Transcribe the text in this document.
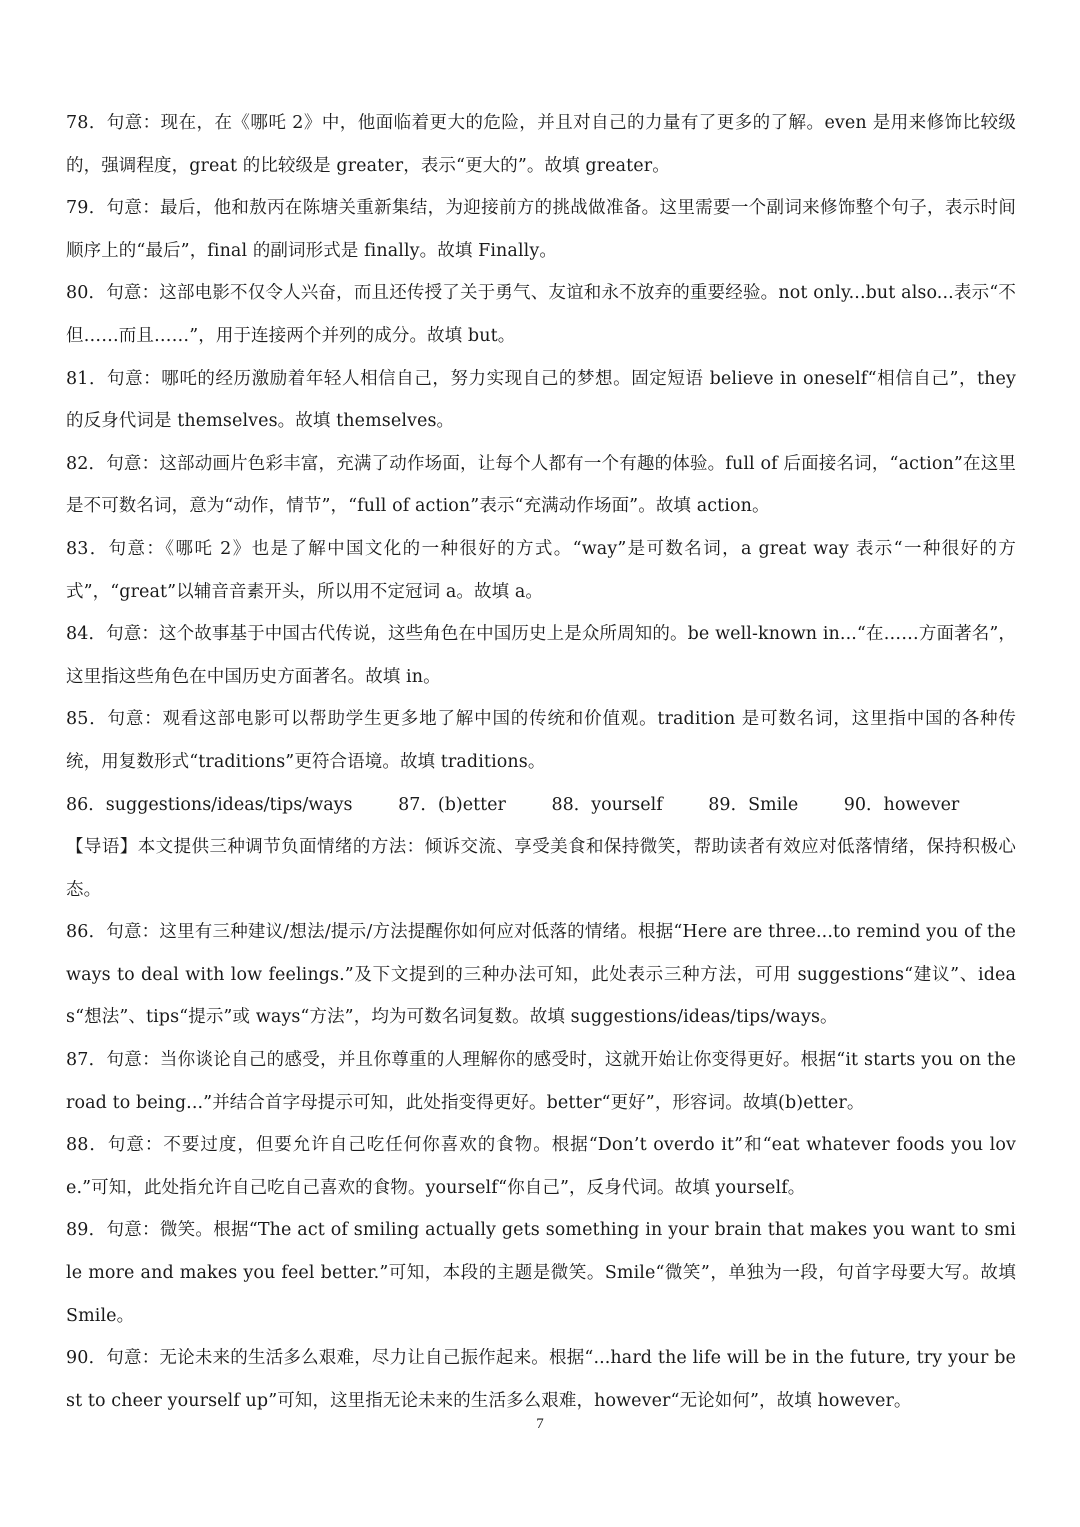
78．句意：现在，在《哪吒 2》中，他面临着更大的危险，并且对自己的力量有了更多的了解。even 是用来修饰比较级的，强调程度，great 的比较级是 greater，表示“更大的”。故填 greater。

79．句意：最后，他和敖丙在陈塘关重新集结，为迎接前方的挑战做准备。这里需要一个副词来修饰整个句子，表示时间顺序上的“最后”，final 的副词形式是 finally。故填 Finally。

80．句意：这部电影不仅令人兴奋，而且还传授了关于勇气、友谊和永不放弃的重要经验。not only...but also...表示“不但……而且……”，用于连接两个并列的成分。故填 but。

81．句意：哪吒的经历激励着年轻人相信自己，努力实现自己的梦想。固定短语 believe in oneself“相信自己”，they 的反身代词是 themselves。故填 themselves。

82．句意：这部动画片色彩丰富，充满了动作场面，让每个人都有一个有趣的体验。full of 后面接名词，“action”在这里是不可数名词，意为“动作，情节”，“full of action”表示“充满动作场面”。故填 action。

83．句意：《哪吒 2》也是了解中国文化的一种很好的方式。“way”是可数名词，a great way 表示“一种很好的方式”，“great”以辅音音素开头，所以用不定冠词 a。故填 a。

84．句意：这个故事基于中国古代传说，这些角色在中国历史上是众所周知的。be well-known in...“在……方面著名”，这里指这些角色在中国历史方面著名。故填 in。

85．句意：观看这部电影可以帮助学生更多地了解中国的传统和价值观。tradition 是可数名词，这里指中国的各种传统，用复数形式“traditions”更符合语境。故填 traditions。

86．suggestions/ideas/tips/ways	87．(b)etter	88．yourself	89．Smile	90．however

【导语】本文提供三种调节负面情绪的方法：倾诉交流、享受美食和保持微笑，帮助读者有效应对低落情绪，保持积极心态。

86．句意：这里有三种建议/想法/提示/方法提醒你如何应对低落的情绪。根据“Here are three...to remind you of the ways to deal with low feelings.”及下文提到的三种办法可知，此处表示三种方法，可用 suggestions“建议”、ideas“想法”、tips“提示”或 ways“方法”，均为可数名词复数。故填 suggestions/ideas/tips/ways。

87．句意：当你谈论自己的感受，并且你尊重的人理解你的感受时，这就开始让你变得更好。根据“it starts you on the road to being...”并结合首字母提示可知，此处指变得更好。better“更好”，形容词。故填(b)etter。

88．句意：不要过度，但要允许自己吃任何你喜欢的食物。根据“Don’t overdo it”和“eat whatever foods you love.”可知，此处指允许自己吃自己喜欢的食物。yourself“你自己”，反身代词。故填 yourself。

89．句意：微笑。根据“The act of smiling actually gets something in your brain that makes you want to smile more and makes you feel better.”可知，本段的主题是微笑。Smile“微笑”，单独为一段，句首字母要大写。故填 Smile。

90．句意：无论未来的生活多么艰难，尽力让自己振作起来。根据“...hard the life will be in the future, try your best to cheer yourself up”可知，这里指无论未来的生活多么艰难，however“无论如何”，故填 however。

7
